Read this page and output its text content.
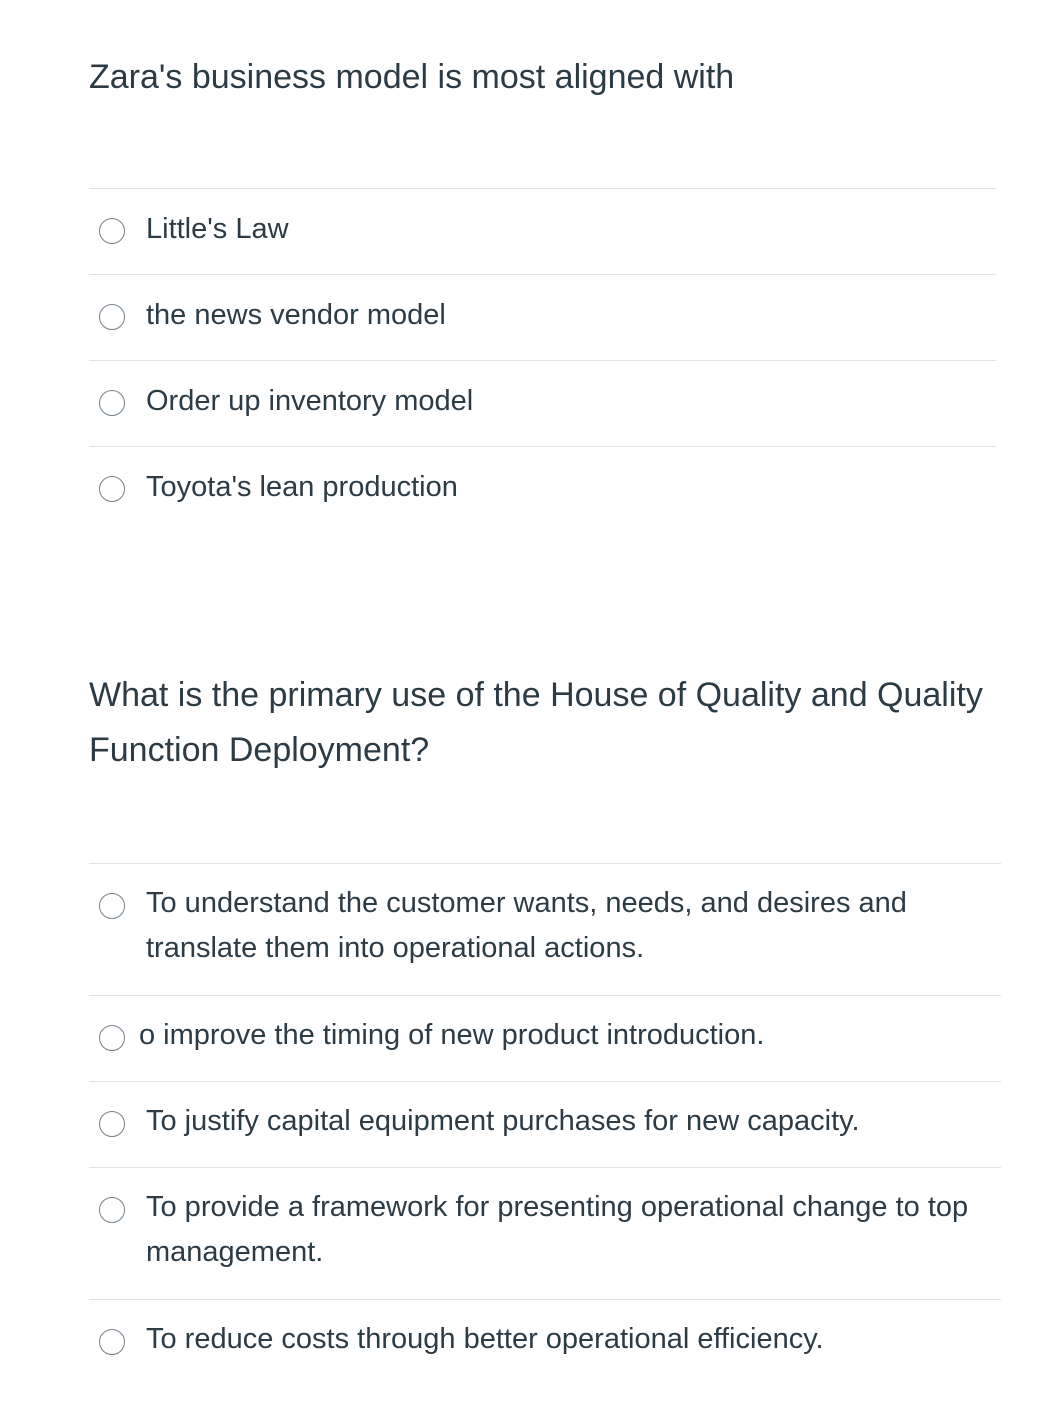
Zara's business model is most aligned with

Little's Law
the news vendor model
Order up inventory model
Toyota's lean production

What is the primary use of the House of Quality and Quality Function Deployment?

To understand the customer wants, needs, and desires and translate them into operational actions.
o improve the timing of new product introduction.
To justify capital equipment purchases for new capacity.
To provide a framework for presenting operational change to top management.
To reduce costs through better operational efficiency.
